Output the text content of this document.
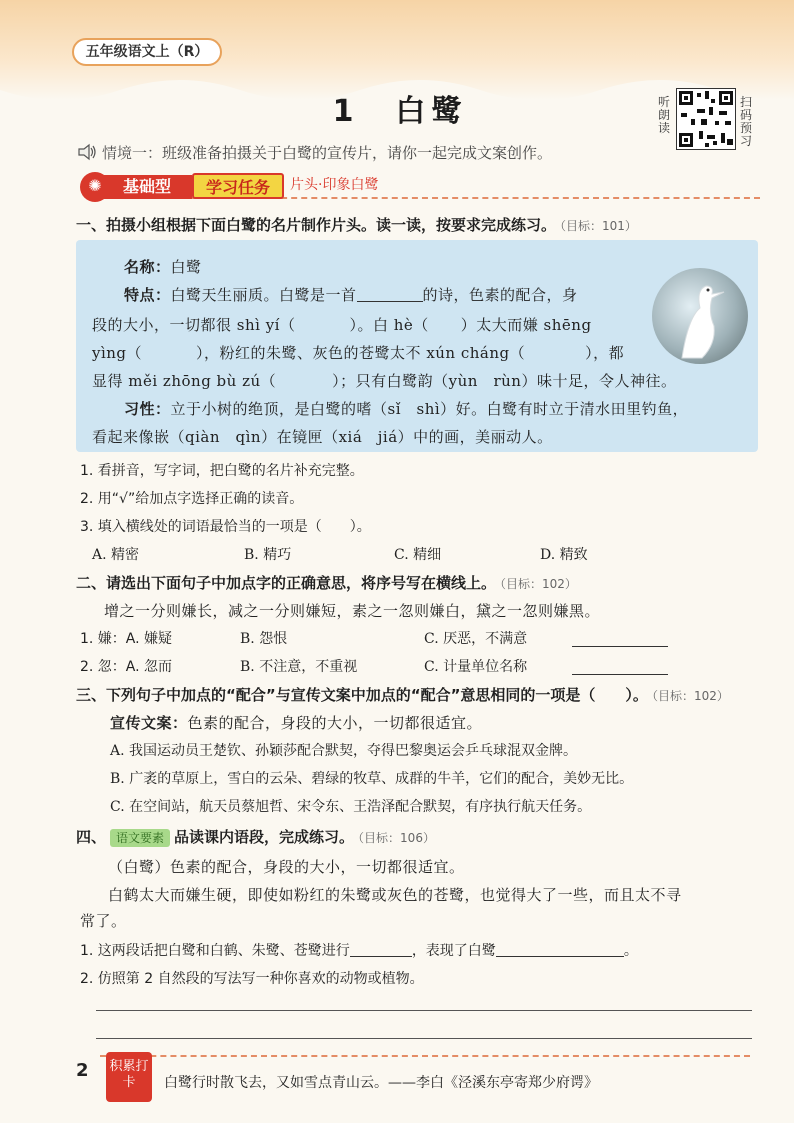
五年级语文上（R）
1　白鹭	听朗读
扫码预习
情境一：班级准备拍摄关于白鹭的宣传片，请你一起完成文案创作。
基础型
✺	学习任务	片头·印象白鹭
一、拍摄小组根据下面白鹭的名片制作片头。读一读，按要求完成练习。 （目标：101）
名称：白鹭
特点：白鹭天生丽质。白鹭是一首	的诗，色素的配合，身
段的大小，一切都很 shì yí（	）。白 hè（ ）太大而嫌 shēng
yìng（	），粉红的朱鹭、灰色的苍鹭太不 xún cháng（	），都
显得 měi zhōng bù zú（	）；只有白鹭韵（yùn　rùn）味十足，令人神往。
习性：立于小树的绝顶，是白鹭的嗜（sǐ　shì）好。白鹭有时立于清水田里钓鱼，
看起来像嵌（qiàn　qìn）在镜匣（xiá　jiá）中的画，美丽动人。
1. 看拼音，写字词，把白鹭的名片补充完整。
2. 用“√”给加点字选择正确的读音。
3. 填入横线处的词语最恰当的一项是（　　）。
A. 精密	B. 精巧	C. 精细	D. 精致
二、请选出下面句子中加点字的正确意思，将序号写在横线上。 （目标：102）
增之一分则嫌长，减之一分则嫌短，素之一忽则嫌白，黛之一忽则嫌黑。
1. 嫌：A. 嫌疑	B. 怨恨	C. 厌恶，不满意
2. 忽：A. 忽而	B. 不注意，不重视	C. 计量单位名称
三、下列句子中加点的“配合”与宣传文案中加点的“配合”意思相同的一项是（　　）。 （目标：102）
宣传文案：色素的配合，身段的大小，一切都很适宜。
A. 我国运动员王楚钦、孙颖莎配合默契，夺得巴黎奥运会乒乓球混双金牌。
B. 广袤的草原上，雪白的云朵、碧绿的牧草、成群的牛羊，它们的配合，美妙无比。
C. 在空间站，航天员蔡旭哲、宋令东、王浩泽配合默契，有序执行航天任务。
四、 语文要素 品读课内语段，完成练习。 （目标：106）
（白鹭）色素的配合，身段的大小，一切都很适宜。
白鹤太大而嫌生硬，即使如粉红的朱鹭或灰色的苍鹭，也觉得大了一些，而且太不寻
常了。
1. 这两段话把白鹭和白鹤、朱鹭、苍鹭进行	，表现了白鹭	。
2. 仿照第 2 自然段的写法写一种你喜欢的动物或植物。
2 积累打卡	白鹭行时散飞去，又如雪点青山云。——李白《泾溪东亭寄郑少府谔》
